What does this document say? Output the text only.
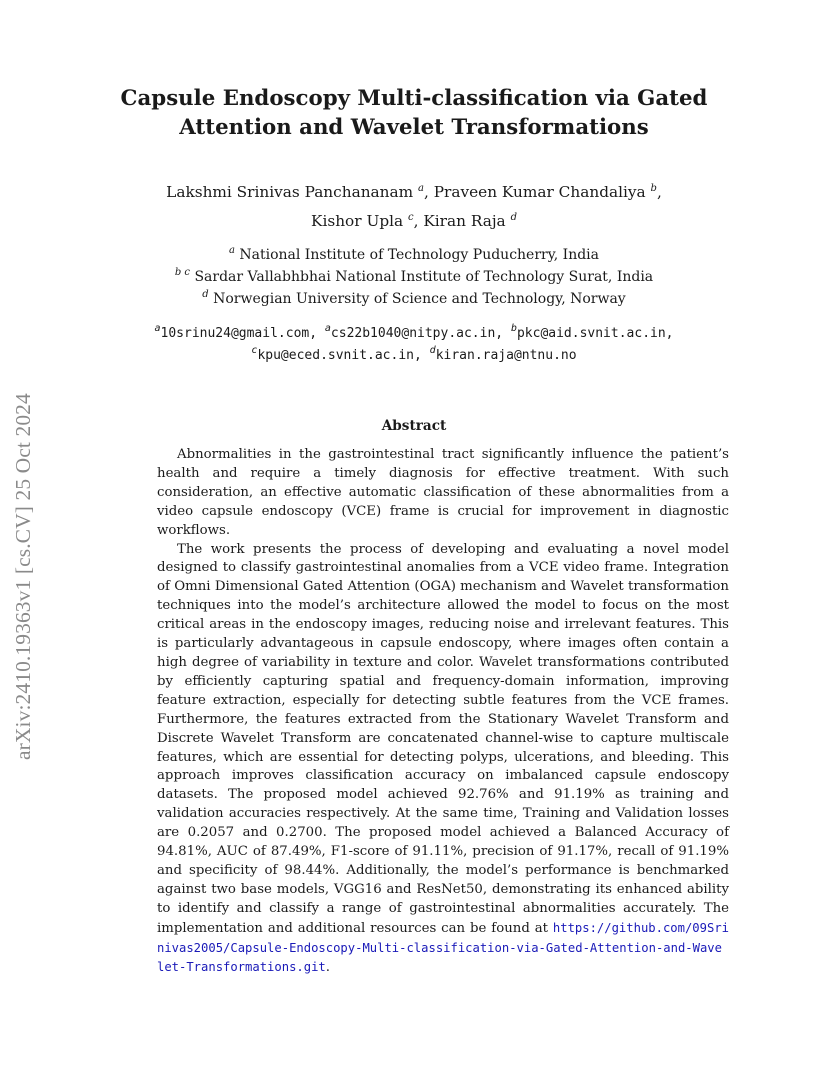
arXiv:2410.19363v1 [cs.CV] 25 Oct 2024
Capsule Endoscopy Multi-classification via Gated
Attention and Wavelet Transformations
Lakshmi Srinivas Panchananam $^a$, Praveen Kumar Chandaliya $^b$,
Kishor Upla $^c$, Kiran Raja $^d$
$^a$ National Institute of Technology Puducherry, India
$^{b c}$ Sardar Vallabhbhai National Institute of Technology Surat, India
$^d$ Norwegian University of Science and Technology, Norway
$^a$10srinu24@gmail.com, $^a$cs22b1040@nitpy.ac.in, $^b$pkc@aid.svnit.ac.in,
$^c$kpu@eced.svnit.ac.in, $^d$kiran.raja@ntnu.no
Abstract

Abnormalities in the gastrointestinal tract significantly influence the patient’s health and require a timely diagnosis for effective treatment. With such consideration, an effective automatic classification of these abnormalities from a video capsule endoscopy (VCE) frame is crucial for improvement in diagnostic workflows.

The work presents the process of developing and evaluating a novel model designed to classify gastrointestinal anomalies from a VCE video frame. Integration of Omni Dimensional Gated Attention (OGA) mechanism and Wavelet transformation techniques into the model’s architecture allowed the model to focus on the most critical areas in the endoscopy images, reducing noise and irrelevant features. This is particularly advantageous in capsule endoscopy, where images often contain a high degree of variability in texture and color. Wavelet transformations contributed by efficiently capturing spatial and frequency-domain information, improving feature extraction, especially for detecting subtle features from the VCE frames. Furthermore, the features extracted from the Stationary Wavelet Transform and Discrete Wavelet Transform are concatenated channel-wise to capture multiscale features, which are essential for detecting polyps, ulcerations, and bleeding. This approach improves classification accuracy on imbalanced capsule endoscopy datasets. The proposed model achieved 92.76% and 91.19% as training and validation accuracies respectively. At the same time, Training and Validation losses are 0.2057 and 0.2700. The proposed model achieved a Balanced Accuracy of 94.81%, AUC of 87.49%, F1-score of 91.11%, precision of 91.17%, recall of 91.19% and specificity of 98.44%. Additionally, the model’s performance is benchmarked against two base models, VGG16 and ResNet50, demonstrating its enhanced ability to identify and classify a range of gastrointestinal abnormalities accurately. The implementation and additional resources can be found at https://github.com/09Srinivas2005/Capsule-Endoscopy-Multi-classification-via-Gated-Attention-and-Wavelet-Transformations.git.
